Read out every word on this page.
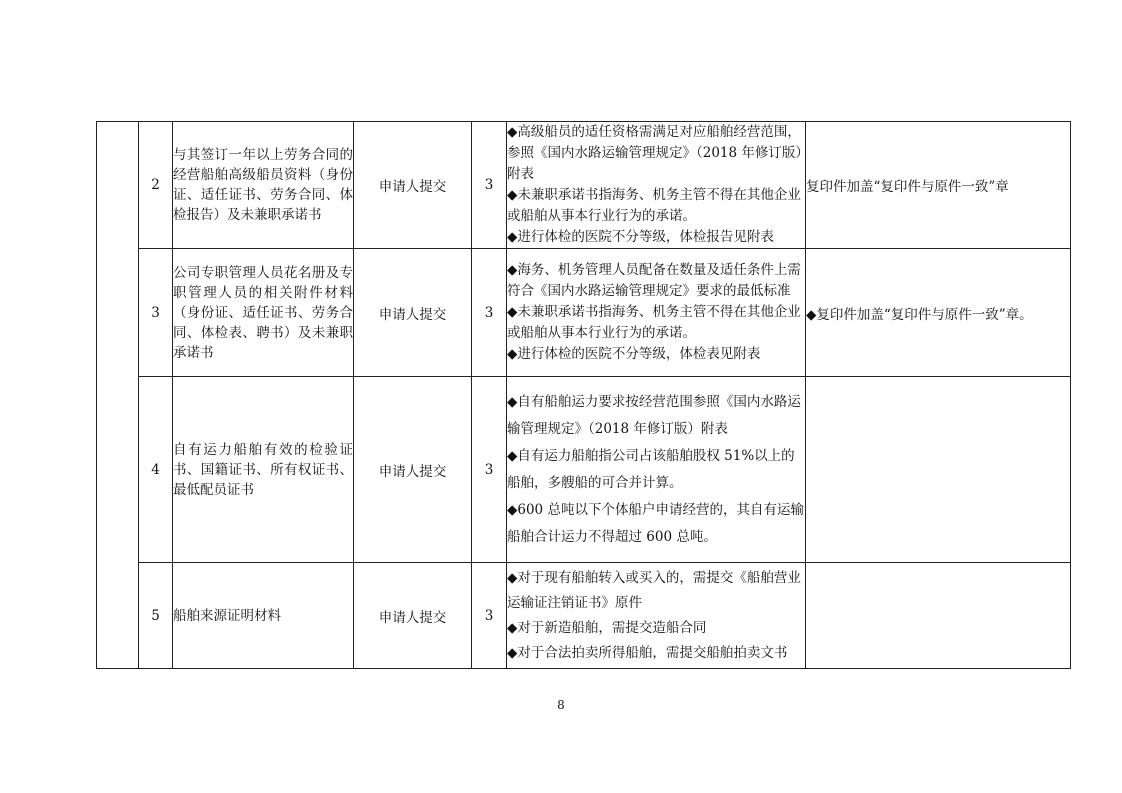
	2	与其签订一年以上劳务合同的经营船舶高级船员资料（身份证、适任证书、劳务合同、体检报告）及未兼职承诺书	申请人提交	3	◆高级船员的适任资格需满足对应船舶经营范围，参照《国内水路运输管理规定》（2018 年修订版）附表

◆未兼职承诺书指海务、机务主管不得在其他企业或船舶从事本行业行为的承诺。

◆进行体检的医院不分等级，体检报告见附表	复印件加盖“复印件与原件一致”章
	3	公司专职管理人员花名册及专职管理人员的相关附件材料（身份证、适任证书、劳务合同、体检表、聘书）及未兼职承诺书	申请人提交	3	◆海务、机务管理人员配备在数量及适任条件上需符合《国内水路运输管理规定》要求的最低标准

◆未兼职承诺书指海务、机务主管不得在其他企业或船舶从事本行业行为的承诺。

◆进行体检的医院不分等级，体检表见附表	◆复印件加盖“复印件与原件一致”章。
	4	自有运力船舶有效的检验证书、国籍证书、所有权证书、最低配员证书	申请人提交	3	◆自有船舶运力要求按经营范围参照《国内水路运输管理规定》（2018 年修订版）附表

◆自有运力船舶指公司占该船舶股权 51%以上的船舶，多艘船的可合并计算。

◆600 总吨以下个体船户申请经营的，其自有运输船舶合计运力不得超过 600 总吨。	

	5	船舶来源证明材料	申请人提交	3	◆对于现有船舶转入或买入的，需提交《船舶营业运输证注销证书》原件

◆对于新造船舶，需提交造船合同

◆对于合法拍卖所得船舶，需提交船舶拍卖文书	

8
